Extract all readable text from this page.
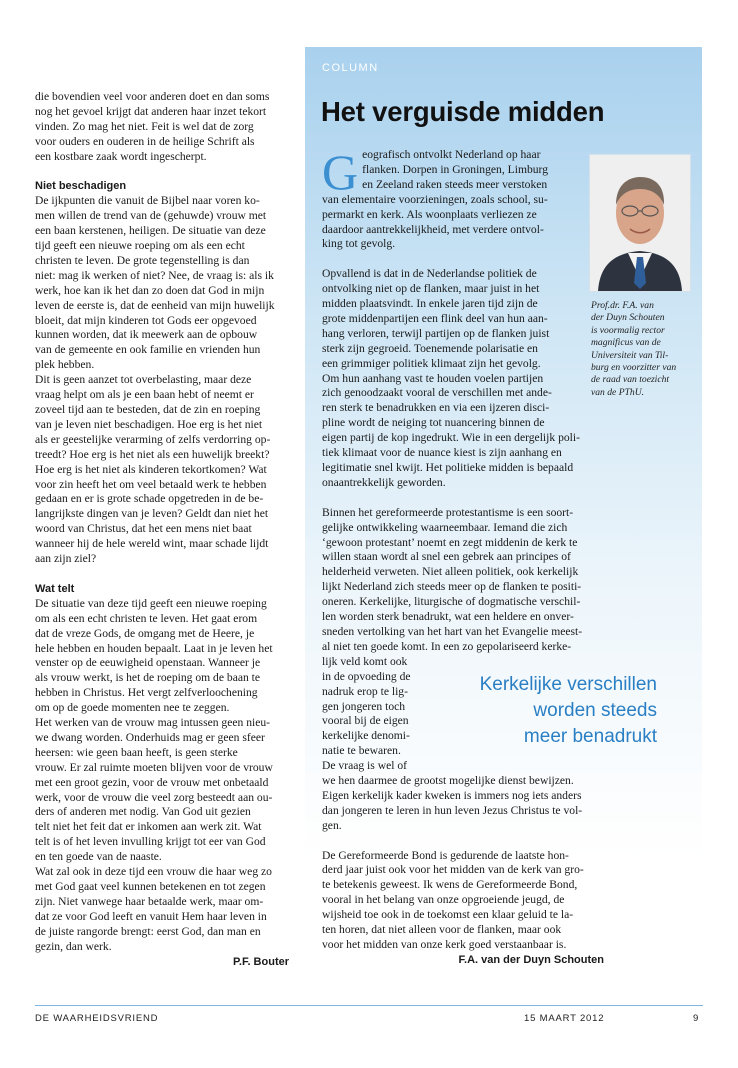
die bovendien veel voor anderen doet en dan soms

nog het gevoel krijgt dat anderen haar inzet tekort

vinden. Zo mag het niet. Feit is wel dat de zorg

voor ouders en ouderen in de heilige Schrift als

een kostbare zaak wordt ingescherpt.

Niet beschadigen

De ijkpunten die vanuit de Bijbel naar voren ko-

men willen de trend van de (gehuwde) vrouw met

een baan kerstenen, heiligen. De situatie van deze

tijd geeft een nieuwe roeping om als een echt

christen te leven. De grote tegenstelling is dan

niet: mag ik werken of niet? Nee, de vraag is: als ik

werk, hoe kan ik het dan zo doen dat God in mijn

leven de eerste is, dat de eenheid van mijn huwelijk

bloeit, dat mijn kinderen tot Gods eer opgevoed

kunnen worden, dat ik meewerk aan de opbouw

van de gemeente en ook familie en vrienden hun

plek hebben.

Dit is geen aanzet tot overbelasting, maar deze

vraag helpt om als je een baan hebt of neemt er

zoveel tijd aan te besteden, dat de zin en roeping

van je leven niet beschadigen. Hoe erg is het niet

als er geestelijke verarming of zelfs verdorring op-

treedt? Hoe erg is het niet als een huwelijk breekt?

Hoe erg is het niet als kinderen tekortkomen? Wat

voor zin heeft het om veel betaald werk te hebben

gedaan en er is grote schade opgetreden in de be-

langrijkste dingen van je leven? Geldt dan niet het

woord van Christus, dat het een mens niet baat

wanneer hij de hele wereld wint, maar schade lijdt

aan zijn ziel?

Wat telt

De situatie van deze tijd geeft een nieuwe roeping

om als een echt christen te leven. Het gaat erom

dat de vreze Gods, de omgang met de Heere, je

hele hebben en houden bepaalt. Laat in je leven het

venster op de eeuwigheid openstaan. Wanneer je

als vrouw werkt, is het de roeping om de baan te

hebben in Christus. Het vergt zelfverloochening

om op de goede momenten nee te zeggen.

Het werken van de vrouw mag intussen geen nieu-

we dwang worden. Onderhuids mag er geen sfeer

heersen: wie geen baan heeft, is geen sterke

vrouw. Er zal ruimte moeten blijven voor de vrouw

met een groot gezin, voor de vrouw met onbetaald

werk, voor de vrouw die veel zorg besteedt aan ou-

ders of anderen met nodig. Van God uit gezien

telt niet het feit dat er inkomen aan werk zit. Wat

telt is of het leven invulling krijgt tot eer van God

en ten goede van de naaste.

Wat zal ook in deze tijd een vrouw die haar weg zo

met God gaat veel kunnen betekenen en tot zegen

zijn. Niet vanwege haar betaalde werk, maar om-

dat ze voor God leeft en vanuit Hem haar leven in

de juiste rangorde brengt: eerst God, dan man en

gezin, dan werk.

P.F. Bouter

COLUMN
Het verguisde midden
G eografisch ontvolkt Nederland op haar

flanken. Dorpen in Groningen, Limburg

en Zeeland raken steeds meer verstoken

van elementaire voorzieningen, zoals school, su-

permarkt en kerk. Als woonplaats verliezen ze

daardoor aantrekkelijkheid, met verdere ontvol-

king tot gevolg.

Opvallend is dat in de Nederlandse politiek de

ontvolking niet op de flanken, maar juist in het

midden plaatsvindt. In enkele jaren tijd zijn de

grote middenpartijen een flink deel van hun aan-

hang verloren, terwijl partijen op de flanken juist

sterk zijn gegroeid. Toenemende polarisatie en

een grimmiger politiek klimaat zijn het gevolg.

Om hun aanhang vast te houden voelen partijen

zich genoodzaakt vooral de verschillen met ande-

ren sterk te benadrukken en via een ijzeren disci-

pline wordt de neiging tot nuancering binnen de

eigen partij de kop ingedrukt. Wie in een dergelijk poli-

tiek klimaat voor de nuance kiest is zijn aanhang en

legitimatie snel kwijt. Het politieke midden is bepaald

onaantrekkelijk geworden.

Binnen het gereformeerde protestantisme is een soort-

gelijke ontwikkeling waarneembaar. Iemand die zich

‘gewoon protestant’ noemt en zegt middenin de kerk te

willen staan wordt al snel een gebrek aan principes of

helderheid verweten. Niet alleen politiek, ook kerkelijk

lijkt Nederland zich steeds meer op de flanken te positi-

oneren. Kerkelijke, liturgische of dogmatische verschil-

len worden sterk benadrukt, wat een heldere en onver-

sneden vertolking van het hart van het Evangelie meest-

al niet ten goede komt. In een zo gepolariseerd kerke-

lijk veld komt ook

in de opvoeding de

nadruk erop te lig-

gen jongeren toch

vooral bij de eigen

kerkelijke denomi-

natie te bewaren.

De vraag is wel of

we hen daarmee de grootst mogelijke dienst bewijzen.

Eigen kerkelijk kader kweken is immers nog iets anders

dan jongeren te leren in hun leven Jezus Christus te vol-

gen.

De Gereformeerde Bond is gedurende de laatste hon-

derd jaar juist ook voor het midden van de kerk van gro-

te betekenis geweest. Ik wens de Gereformeerde Bond,

vooral in het belang van onze opgroeiende jeugd, de

wijsheid toe ook in de toekomst een klaar geluid te la-

ten horen, dat niet alleen voor de flanken, maar ook

voor het midden van onze kerk goed verstaanbaar is.

F.A. van der Duyn Schouten

Prof.dr. F.A. van
der Duyn Schouten
is voormalig rector
magnificus van de
Universiteit van Til-
burg en voorzitter van
de raad van toezicht
van de PThU.
Kerkelijke verschillen
worden steeds
meer benadrukt
DE WAARHEIDSVRIEND	15 MAART 2012	9
